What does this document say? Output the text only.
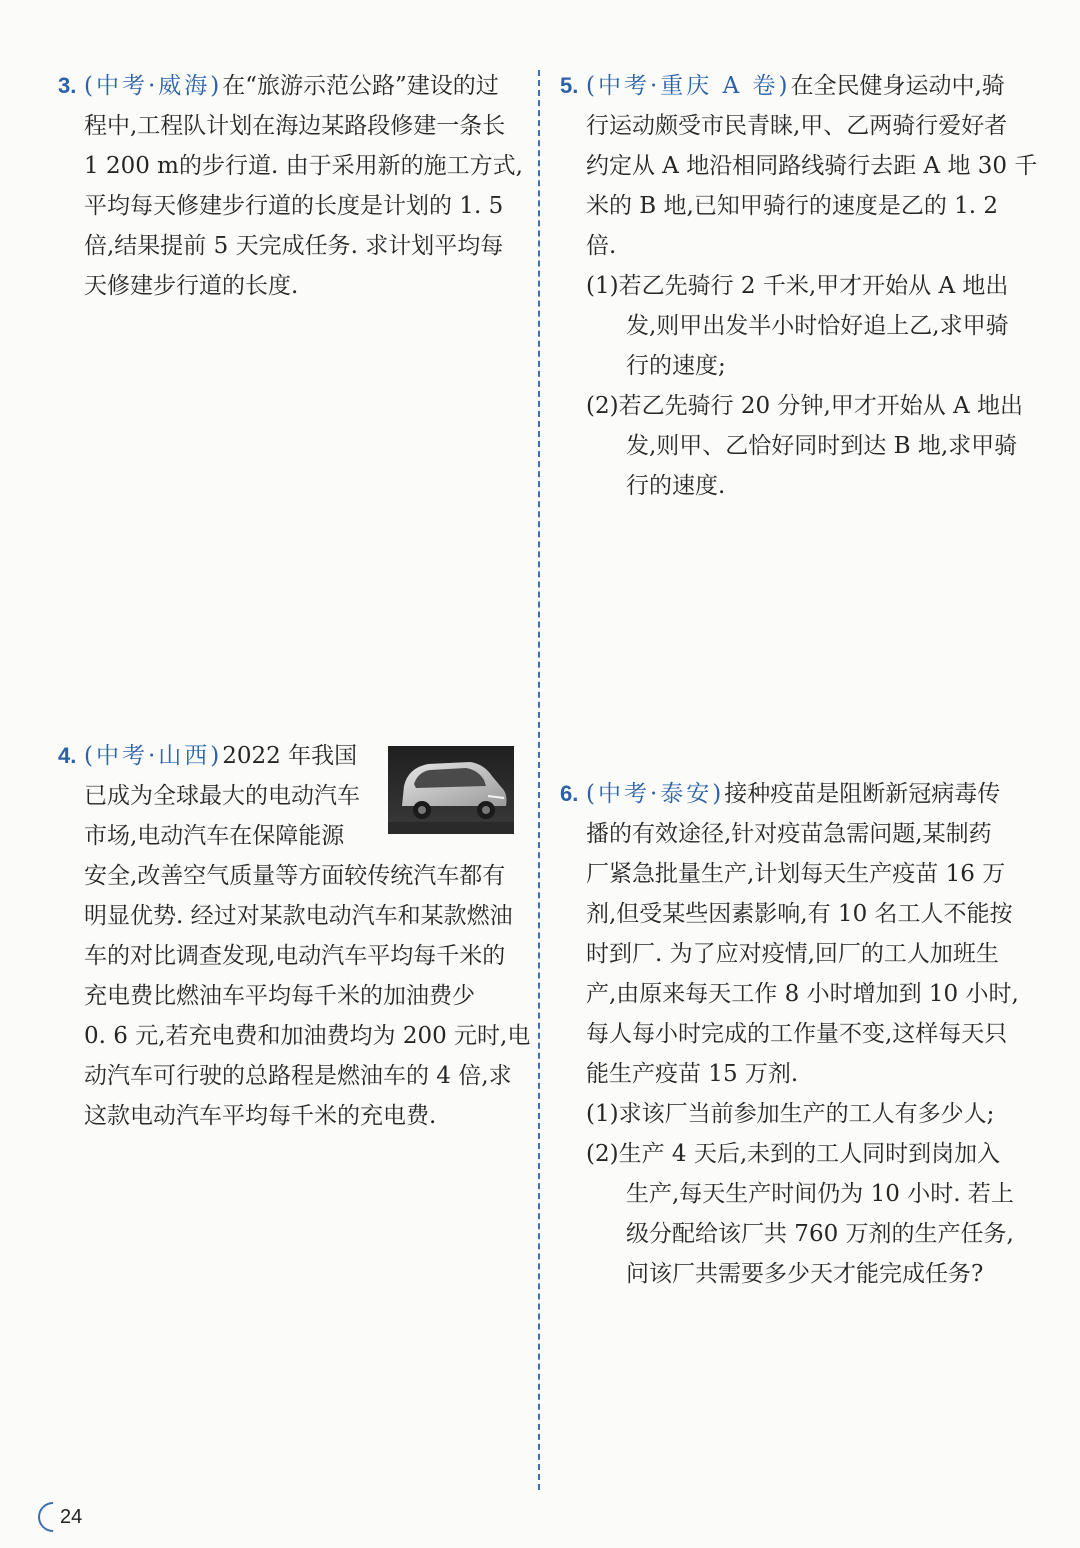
3. (中考·威海) 在“旅游示范公路”建设的过
程中,工程队计划在海边某路段修建一条长
1 200 m的步行道. 由于采用新的施工方式,
平均每天修建步行道的长度是计划的 1. 5
倍,结果提前 5 天完成任务. 求计划平均每
天修建步行道的长度.
4. (中考·山西) 2022 年我国
已成为全球最大的电动汽车
市场,电动汽车在保障能源
安全,改善空气质量等方面较传统汽车都有
明显优势. 经过对某款电动汽车和某款燃油
车的对比调查发现,电动汽车平均每千米的
充电费比燃油车平均每千米的加油费少
0. 6 元,若充电费和加油费均为 200 元时,电
动汽车可行驶的总路程是燃油车的 4 倍,求
这款电动汽车平均每千米的充电费.
5. (中考·重庆 A 卷) 在全民健身运动中,骑
行运动颇受市民青睐,甲、乙两骑行爱好者
约定从 A 地沿相同路线骑行去距 A 地 30 千
米的 B 地,已知甲骑行的速度是乙的 1. 2
倍.
(1)若乙先骑行 2 千米,甲才开始从 A 地出
发,则甲出发半小时恰好追上乙,求甲骑
行的速度;
(2)若乙先骑行 20 分钟,甲才开始从 A 地出
发,则甲、乙恰好同时到达 B 地,求甲骑
行的速度.
6. (中考·泰安) 接种疫苗是阻断新冠病毒传
播的有效途径,针对疫苗急需问题,某制药
厂紧急批量生产,计划每天生产疫苗 16 万
剂,但受某些因素影响,有 10 名工人不能按
时到厂. 为了应对疫情,回厂的工人加班生
产,由原来每天工作 8 小时增加到 10 小时,
每人每小时完成的工作量不变,这样每天只
能生产疫苗 15 万剂.
(1)求该厂当前参加生产的工人有多少人;
(2)生产 4 天后,未到的工人同时到岗加入
生产,每天生产时间仍为 10 小时. 若上
级分配给该厂共 760 万剂的生产任务,
问该厂共需要多少天才能完成任务?
24
